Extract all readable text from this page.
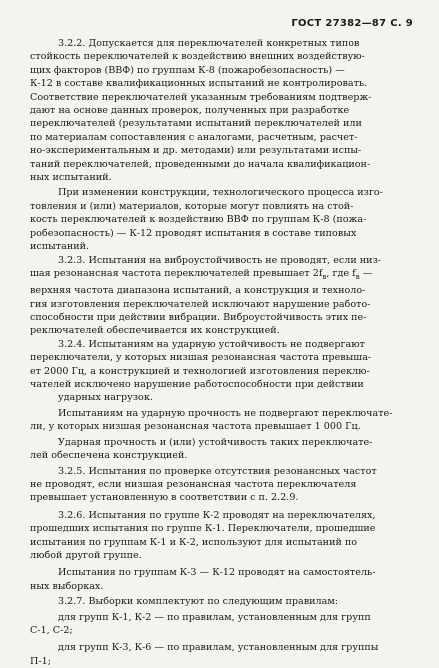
ГОСТ 27382—87 С. 9

3.2.2. Допускается для переключателей конкретных типов
стойкость переключателей к воздействию внешних воздействую-
щих факторов (ВВФ) по группам К-8 (пожаробезопасность) —
К-12 в составе квалификационных испытаний не контролировать.
Соответствие переключателей указанным требованиям подтверж-
дают на основе данных проверок, полученных при разработке
переключателей (результатами испытаний переключателей или
по материалам сопоставления с аналогами, расчетным, расчет-
но-экспериментальным и др. методами) или результатами испы-
таний переключателей, проведенными до начала квалификацион-
ных испытаний.

При изменении конструкции, технологического процесса изго-
товления и (или) материалов, которые могут повлиять на стой-
кость переключателей к воздействию ВВФ по группам К-8 (пожа-
робезопасность) — К-12 проводят испытания в составе типовых
испытаний.

3.2.3. Испытания на виброустойчивость не проводят, если низ-
шая резонансная частота переключателей превышает $2f_в$, где $f_в$ —
верхняя частота диапазона испытаний, а конструкция и техноло-
гия изготовления переключателей исключают нарушение работо-
способности при действии вибрации. Виброустойчивость этих пе-
реключателей обеспечивается их конструкцией.

3.2.4. Испытаниям на ударную устойчивость не подвергают
переключатели, у которых низшая резонансная частота превыша-
ет 2000 Гц, а конструкцией и технологией изготовления переклю-
чателей исключено нарушение работоспособности при действии
ударных нагрузок.

Испытаниям на ударную прочность не подвергают переключате-
ли, у которых низшая резонансная частота превышает 1 000 Гц.

Ударная прочность и (или) устойчивость таких переключате-
лей обеспечена конструкцией.

3.2.5. Испытания по проверке отсутствия резонансных частот
не проводят, если низшая резонансная частота переключателя
превышает установленную в соответствии с п. 2.2.9.

3.2.6. Испытания по группе К-2 проводят на переключателях,
прошедших испытания по группе К-1. Переключатели, прошедшие
испытания по группам К-1 и К-2, используют для испытаний по
любой другой группе.

Испытания по группам К-3 — К-12 проводят на самостоятель-
ных выборках.

3.2.7. Выборки комплектуют по следующим правилам:

для групп К-1, К-2 — по правилам, установленным для групп
С-1, С-2;

для групп К-3, К-6 — по правилам, установленным для группы
П-1;
